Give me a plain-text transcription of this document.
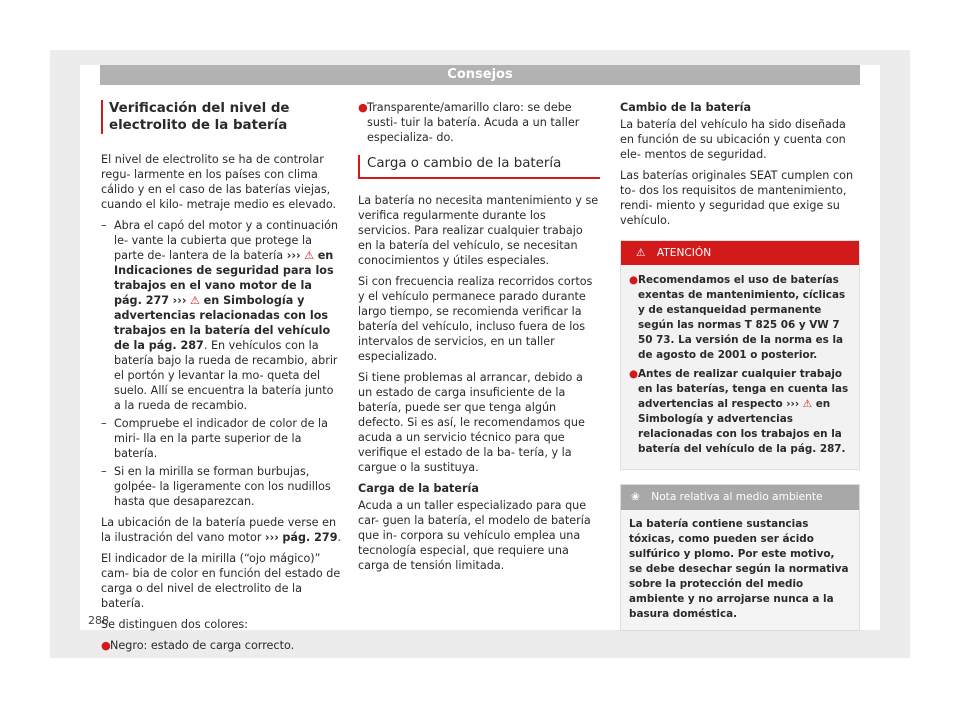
Consejos
Verificación del nivel de electrolito de la batería

El nivel de electrolito se ha de controlar regu- larmente en los países con clima cálido y en el caso de las baterías viejas, cuando el kilo- metraje medio es elevado.

– Abra el capó del motor y a continuación le- vante la cubierta que protege la parte de- lantera de la batería ››› ⚠ en Indicaciones de seguridad para los trabajos en el vano motor de la pág. 277 ››› ⚠ en Simbología y advertencias relacionadas con los trabajos en la batería del vehículo de la pág. 287. En vehículos con la batería bajo la rueda de recambio, abrir el portón y levantar la mo- queta del suelo. Allí se encuentra la batería junto a la rueda de recambio.
– Compruebe el indicador de color de la miri- lla en la parte superior de la batería.
– Si en la mirilla se forman burbujas, golpée- la ligeramente con los nudillos hasta que desaparezcan.

La ubicación de la batería puede verse en la ilustración del vano motor ››› pág. 279.

El indicador de la mirilla (“ojo mágico)” cam- bia de color en función del estado de carga o del nivel de electrolito de la batería.

Se distinguen dos colores:

● Negro: estado de carga correcto.
● Transparente/amarillo claro: se debe susti- tuir la batería. Acuda a un taller especializa- do.
Carga o cambio de la batería

La batería no necesita mantenimiento y se verifica regularmente durante los servicios. Para realizar cualquier trabajo en la batería del vehículo, se necesitan conocimientos y útiles especiales.

Si con frecuencia realiza recorridos cortos y el vehículo permanece parado durante largo tiempo, se recomienda verificar la batería del vehículo, incluso fuera de los intervalos de servicios, en un taller especializado.

Si tiene problemas al arrancar, debido a un estado de carga insuficiente de la batería, puede ser que tenga algún defecto. Si es así, le recomendamos que acuda a un servicio técnico para que verifique el estado de la ba- tería, y la cargue o la sustituya.

Carga de la batería

Acuda a un taller especializado para que car- guen la batería, el modelo de batería que in- corpora su vehículo emplea una tecnología especial, que requiere una carga de tensión limitada.

Cambio de la batería

La batería del vehículo ha sido diseñada en función de su ubicación y cuenta con ele- mentos de seguridad.

Las baterías originales SEAT cumplen con to- dos los requisitos de mantenimiento, rendi- miento y seguridad que exige su vehículo.

⚠ ATENCIÓN
● Recomendamos el uso de baterías exentas de mantenimiento, cíclicas y de estanqueidad permanente según las normas T 825 06 y VW 7 50 73. La versión de la norma es la de agosto de 2001 o posterior.
● Antes de realizar cualquier trabajo en las baterías, tenga en cuenta las advertencias al respecto ››› ⚠ en Simbología y advertencias relacionadas con los trabajos en la batería del vehículo de la pág. 287.
❀ Nota relativa al medio ambiente
La batería contiene sustancias tóxicas, como pueden ser ácido sulfúrico y plomo. Por este motivo, se debe desechar según la normativa sobre la protección del medio ambiente y no arrojarse nunca a la basura doméstica.
288
